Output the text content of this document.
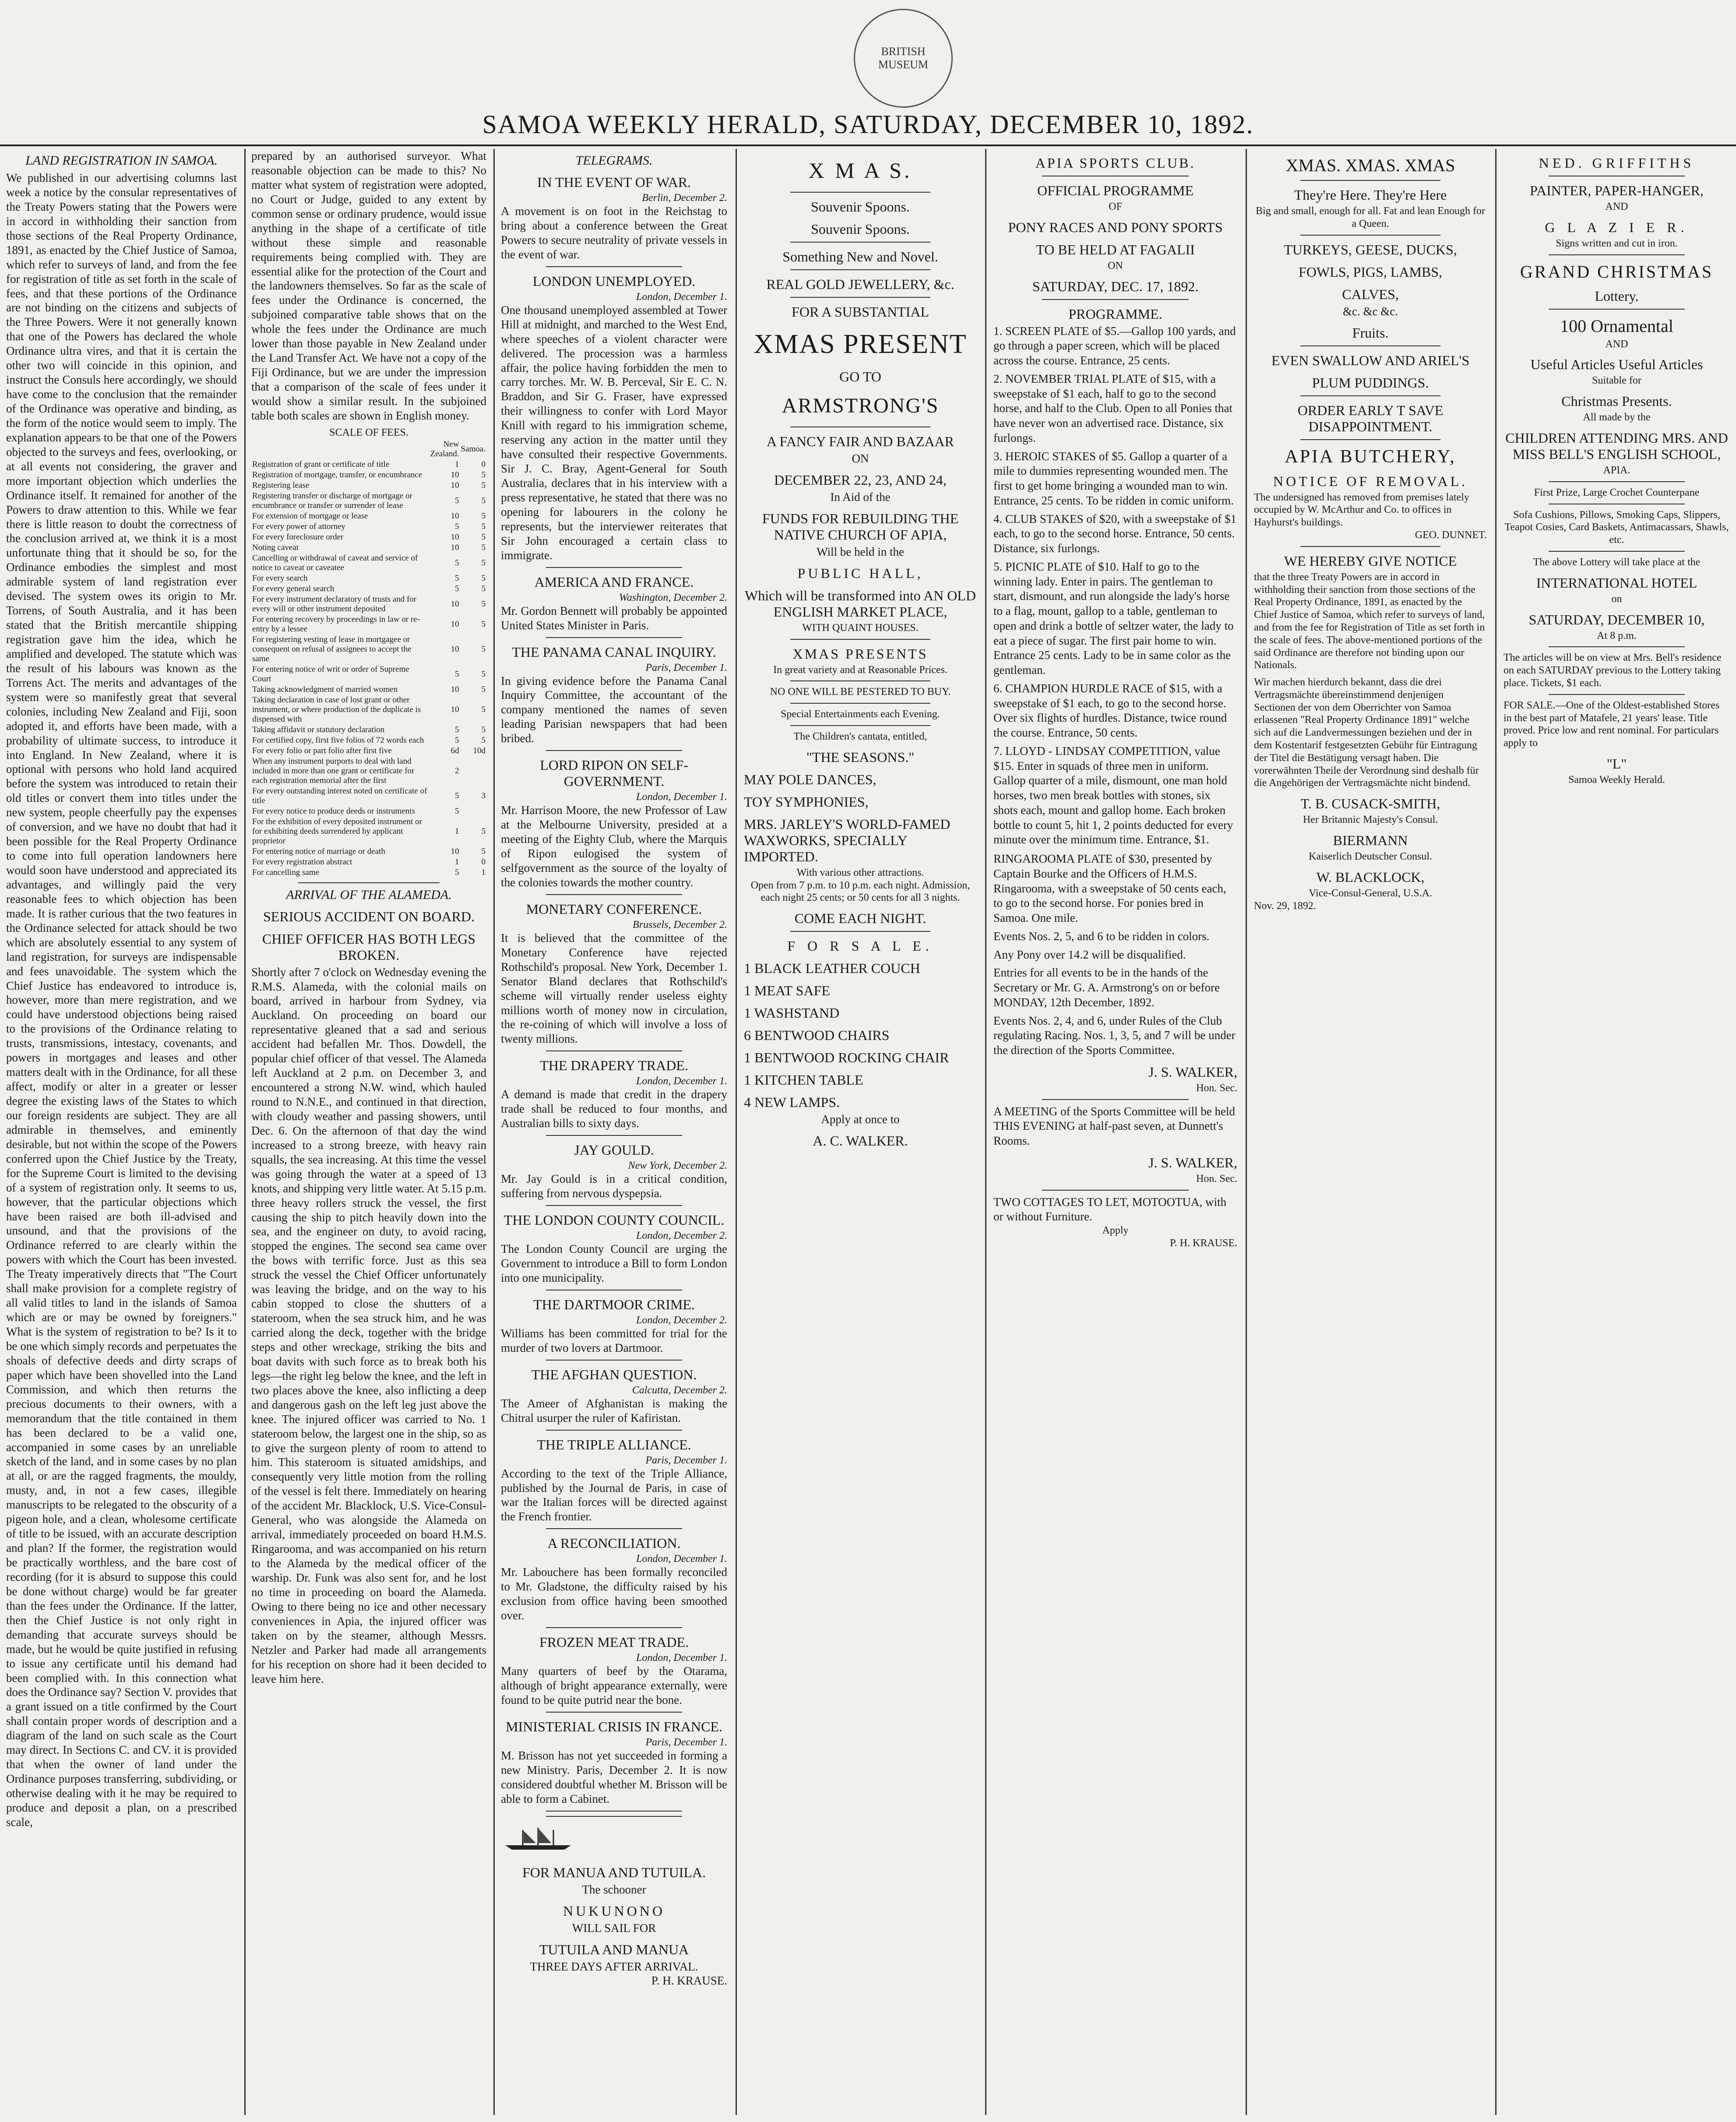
BRITISH MUSEUM
SAMOA WEEKLY HERALD, SATURDAY, DECEMBER 10, 1892.
LAND REGISTRATION IN SAMOA.
We published in our advertising columns last week a notice by the consular representatives of the Treaty Powers stating that the Powers were in accord in withholding their sanction from those sections of the Real Property Ordinance, 1891, as enacted by the Chief Justice of Samoa, which refer to surveys of land, and from the fee for registration of title as set forth in the scale of fees, and that these portions of the Ordinance are not binding on the citizens and subjects of the Three Powers. Were it not generally known that one of the Powers has declared the whole Ordinance ultra vires, and that it is certain the other two will coincide in this opinion, and instruct the Consuls here accordingly, we should have come to the conclusion that the remainder of the Ordinance was operative and binding, as the form of the notice would seem to imply. The explanation appears to be that one of the Powers objected to the surveys and fees, overlooking, or at all events not considering, the graver and more important objection which underlies the Ordinance itself. It remained for another of the Powers to draw attention to this. While we fear there is little reason to doubt the correctness of the conclusion arrived at, we think it is a most unfortunate thing that it should be so, for the Ordinance embodies the simplest and most admirable system of land registration ever devised. The system owes its origin to Mr. Torrens, of South Australia, and it has been stated that the British mercantile shipping registration gave him the idea, which he amplified and developed. The statute which was the result of his labours was known as the Torrens Act. The merits and advantages of the system were so manifestly great that several colonies, including New Zealand and Fiji, soon adopted it, and efforts have been made, with a probability of ultimate success, to introduce it into England. In New Zealand, where it is optional with persons who hold land acquired before the system was introduced to retain their old titles or convert them into titles under the new system, people cheerfully pay the expenses of conversion, and we have no doubt that had it been possible for the Real Property Ordinance to come into full operation landowners here would soon have understood and appreciated its advantages, and willingly paid the very reasonable fees to which objection has been made. It is rather curious that the two features in the Ordinance selected for attack should be two which are absolutely essential to any system of land registration, for surveys are indispensable and fees unavoidable. The system which the Chief Justice has endeavored to introduce is, however, more than mere registration, and we could have understood objections being raised to the provisions of the Ordinance relating to trusts, transmissions, intestacy, covenants, and powers in mortgages and leases and other matters dealt with in the Ordinance, for all these affect, modify or alter in a greater or lesser degree the existing laws of the States to which our foreign residents are subject. They are all admirable in themselves, and eminently desirable, but not within the scope of the Powers conferred upon the Chief Justice by the Treaty, for the Supreme Court is limited to the devising of a system of registration only. It seems to us, however, that the particular objections which have been raised are both ill-advised and unsound, and that the provisions of the Ordinance referred to are clearly within the powers with which the Court has been invested. The Treaty imperatively directs that "The Court shall make provision for a complete registry of all valid titles to land in the islands of Samoa which are or may be owned by foreigners." What is the system of registration to be? Is it to be one which simply records and perpetuates the shoals of defective deeds and dirty scraps of paper which have been shovelled into the Land Commission, and which then returns the precious documents to their owners, with a memorandum that the title contained in them has been declared to be a valid one, accompanied in some cases by an unreliable sketch of the land, and in some cases by no plan at all, or are the ragged fragments, the mouldy, musty, and, in not a few cases, illegible manuscripts to be relegated to the obscurity of a pigeon hole, and a clean, wholesome certificate of title to be issued, with an accurate description and plan? If the former, the registration would be practically worthless, and the bare cost of recording (for it is absurd to suppose this could be done without charge) would be far greater than the fees under the Ordinance. If the latter, then the Chief Justice is not only right in demanding that accurate surveys should be made, but he would be quite justified in refusing to issue any certificate until his demand had been complied with. In this connection what does the Ordinance say? Section V. provides that a grant issued on a title confirmed by the Court shall contain proper words of description and a diagram of the land on such scale as the Court may direct. In Sections C. and CV. it is provided that when the owner of land under the Ordinance purposes transferring, subdividing, or otherwise dealing with it he may be required to produce and deposit a plan, on a prescribed scale,
prepared by an authorised surveyor. What reasonable objection can be made to this? No matter what system of registration were adopted, no Court or Judge, guided to any extent by common sense or ordinary prudence, would issue anything in the shape of a certificate of title without these simple and reasonable requirements being complied with. They are essential alike for the protection of the Court and the landowners themselves. So far as the scale of fees under the Ordinance is concerned, the subjoined comparative table shows that on the whole the fees under the Ordinance are much lower than those payable in New Zealand under the Land Transfer Act. We have not a copy of the Fiji Ordinance, but we are under the impression that a comparison of the scale of fees under it would show a similar result. In the subjoined table both scales are shown in English money.
SCALE OF FEES.
	New Zealand.	Samoa.
Registration of grant or certificate of title	1	0
Registration of mortgage, transfer, or encumbrance	10	5
Registering lease	10	5
Registering transfer or discharge of mortgage or encumbrance or transfer or surrender of lease	5	5
For extension of mortgage or lease	10	5
For every power of attorney	5	5
For every foreclosure order	10	5
Noting caveat	10	5
Cancelling or withdrawal of caveat and service of notice to caveat or caveatee	5	5
For every search	5	5
For every general search	5	5
For every instrument declaratory of trusts and for every will or other instrument deposited	10	5
For entering recovery by proceedings in law or re-entry by a lessee	10	5
For registering vesting of lease in mortgagee or consequent on refusal of assignees to accept the same	10	5
For entering notice of writ or order of Supreme Court	5	5
Taking acknowledgment of married women	10	5
Taking declaration in case of lost grant or other instrument, or where production of the duplicate is dispensed with	10	5
Taking affidavit or statutory declaration	5	5
For certified copy, first five folios of 72 words each	5	5
For every folio or part folio after first five	6d	10d
When any instrument purports to deal with land included in more than one grant or certificate for each registration memorial after the first	2	
For every outstanding interest noted on certificate of title	5	3
For every notice to produce deeds or instruments	5	
For the exhibition of every deposited instrument or for exhibiting deeds surrendered by applicant proprietor	1	5
For entering notice of marriage or death	10	5
For every registration abstract	1	0
For cancelling same	5	1
ARRIVAL OF THE ALAMEDA.
SERIOUS ACCIDENT ON BOARD.
CHIEF OFFICER HAS BOTH LEGS BROKEN.
Shortly after 7 o'clock on Wednesday evening the R.M.S. Alameda, with the colonial mails on board, arrived in harbour from Sydney, via Auckland. On proceeding on board our representative gleaned that a sad and serious accident had befallen Mr. Thos. Dowdell, the popular chief officer of that vessel. The Alameda left Auckland at 2 p.m. on December 3, and encountered a strong N.W. wind, which hauled round to N.N.E., and continued in that direction, with cloudy weather and passing showers, until Dec. 6. On the afternoon of that day the wind increased to a strong breeze, with heavy rain squalls, the sea increasing. At this time the vessel was going through the water at a speed of 13 knots, and shipping very little water. At 5.15 p.m. three heavy rollers struck the vessel, the first causing the ship to pitch heavily down into the sea, and the engineer on duty, to avoid racing, stopped the engines. The second sea came over the bows with terrific force. Just as this sea struck the vessel the Chief Officer unfortunately was leaving the bridge, and on the way to his cabin stopped to close the shutters of a stateroom, when the sea struck him, and he was carried along the deck, together with the bridge steps and other wreckage, striking the bits and boat davits with such force as to break both his legs—the right leg below the knee, and the left in two places above the knee, also inflicting a deep and dangerous gash on the left leg just above the knee. The injured officer was carried to No. 1 stateroom below, the largest one in the ship, so as to give the surgeon plenty of room to attend to him. This stateroom is situated amidships, and consequently very little motion from the rolling of the vessel is felt there. Immediately on hearing of the accident Mr. Blacklock, U.S. Vice-Consul-General, who was alongside the Alameda on arrival, immediately proceeded on board H.M.S. Ringarooma, and was accompanied on his return to the Alameda by the medical officer of the warship. Dr. Funk was also sent for, and he lost no time in proceeding on board the Alameda. Owing to there being no ice and other necessary conveniences in Apia, the injured officer was taken on by the steamer, although Messrs. Netzler and Parker had made all arrangements for his reception on shore had it been decided to leave him here.
TELEGRAMS.
IN THE EVENT OF WAR.
Berlin, December 2.
A movement is on foot in the Reichstag to bring about a conference between the Great Powers to secure neutrality of private vessels in the event of war.
LONDON UNEMPLOYED.
London, December 1.
One thousand unemployed assembled at Tower Hill at midnight, and marched to the West End, where speeches of a violent character were delivered. The procession was a harmless affair, the police having forbidden the men to carry torches. Mr. W. B. Perceval, Sir E. C. N. Braddon, and Sir G. Fraser, have expressed their willingness to confer with Lord Mayor Knill with regard to his immigration scheme, reserving any action in the matter until they have consulted their respective Governments. Sir J. C. Bray, Agent-General for South Australia, declares that in his interview with a press representative, he stated that there was no opening for labourers in the colony he represents, but the interviewer reiterates that Sir John encouraged a certain class to immigrate.
AMERICA AND FRANCE.
Washington, December 2.
Mr. Gordon Bennett will probably be appointed United States Minister in Paris.
THE PANAMA CANAL INQUIRY.
Paris, December 1.
In giving evidence before the Panama Canal Inquiry Committee, the accountant of the company mentioned the names of seven leading Parisian newspapers that had been bribed.
LORD RIPON ON SELF-GOVERNMENT.
London, December 1.
Mr. Harrison Moore, the new Professor of Law at the Melbourne University, presided at a meeting of the Eighty Club, where the Marquis of Ripon eulogised the system of selfgovernment as the source of the loyalty of the colonies towards the mother country.
MONETARY CONFERENCE.
Brussels, December 2.
It is believed that the committee of the Monetary Conference have rejected Rothschild's proposal. New York, December 1. Senator Bland declares that Rothschild's scheme will virtually render useless eighty millions worth of money now in circulation, the re-coining of which will involve a loss of twenty millions.
THE DRAPERY TRADE.
London, December 1.
A demand is made that credit in the drapery trade shall be reduced to four months, and Australian bills to sixty days.
JAY GOULD.
New York, December 2.
Mr. Jay Gould is in a critical condition, suffering from nervous dyspepsia.
THE LONDON COUNTY COUNCIL.
London, December 2.
The London County Council are urging the Government to introduce a Bill to form London into one municipality.
THE DARTMOOR CRIME.
London, December 2.
Williams has been committed for trial for the murder of two lovers at Dartmoor.
THE AFGHAN QUESTION.
Calcutta, December 2.
The Ameer of Afghanistan is making the Chitral usurper the ruler of Kafiristan.
THE TRIPLE ALLIANCE.
Paris, December 1.
According to the text of the Triple Alliance, published by the Journal de Paris, in case of war the Italian forces will be directed against the French frontier.
A RECONCILIATION.
London, December 1.
Mr. Labouchere has been formally reconciled to Mr. Gladstone, the difficulty raised by his exclusion from office having been smoothed over.
FROZEN MEAT TRADE.
London, December 1.
Many quarters of beef by the Otarama, although of bright appearance externally, were found to be quite putrid near the bone.
MINISTERIAL CRISIS IN FRANCE.
Paris, December 1.
M. Brisson has not yet succeeded in forming a new Ministry. Paris, December 2. It is now considered doubtful whether M. Brisson will be able to form a Cabinet.
FOR MANUA AND TUTUILA.
The schooner
NUKUNONO
WILL SAIL FOR
TUTUILA AND MANUA
THREE DAYS AFTER ARRIVAL.
P. H. KRAUSE.
X M A S.
Souvenir Spoons.
Souvenir Spoons.
Something New and Novel.
REAL GOLD JEWELLERY, &c.
FOR A SUBSTANTIAL
XMAS PRESENT
GO TO
ARMSTRONG'S
A FANCY FAIR AND BAZAAR
ON
DECEMBER 22, 23, AND 24,
In Aid of the
FUNDS FOR REBUILDING THE NATIVE CHURCH OF APIA,
Will be held in the
PUBLIC HALL,
Which will be transformed into AN OLD ENGLISH MARKET PLACE,
WITH QUAINT HOUSES.
XMAS PRESENTS
In great variety and at Reasonable Prices.
NO ONE WILL BE PESTERED TO BUY.
Special Entertainments each Evening.
The Children's cantata, entitled,
"THE SEASONS."
MAY POLE DANCES,
TOY SYMPHONIES,
MRS. JARLEY'S WORLD-FAMED WAXWORKS, SPECIALLY IMPORTED.
With various other attractions.
Open from 7 p.m. to 10 p.m. each night. Admission, each night 25 cents; or 50 cents for all 3 nights.
COME EACH NIGHT.
F O R S A L E.
1 BLACK LEATHER COUCH
1 MEAT SAFE
1 WASHSTAND
6 BENTWOOD CHAIRS
1 BENTWOOD ROCKING CHAIR
1 KITCHEN TABLE
4 NEW LAMPS.
Apply at once to
A. C. WALKER.
APIA SPORTS CLUB.
OFFICIAL PROGRAMME
OF
PONY RACES AND PONY SPORTS
TO BE HELD AT FAGALII
ON
SATURDAY, DEC. 17, 1892.
PROGRAMME.
1. SCREEN PLATE of $5.—Gallop 100 yards, and go through a paper screen, which will be placed across the course. Entrance, 25 cents.
2. NOVEMBER TRIAL PLATE of $15, with a sweepstake of $1 each, half to go to the second horse, and half to the Club. Open to all Ponies that have never won an advertised race. Distance, six furlongs.
3. HEROIC STAKES of $5. Gallop a quarter of a mile to dummies representing wounded men. The first to get home bringing a wounded man to win. Entrance, 25 cents. To be ridden in comic uniform.
4. CLUB STAKES of $20, with a sweepstake of $1 each, to go to the second horse. Entrance, 50 cents. Distance, six furlongs.
5. PICNIC PLATE of $10. Half to go to the winning lady. Enter in pairs. The gentleman to start, dismount, and run alongside the lady's horse to a flag, mount, gallop to a table, gentleman to open and drink a bottle of seltzer water, the lady to eat a piece of sugar. The first pair home to win. Entrance 25 cents. Lady to be in same color as the gentleman.
6. CHAMPION HURDLE RACE of $15, with a sweepstake of $1 each, to go to the second horse. Over six flights of hurdles. Distance, twice round the course. Entrance, 50 cents.
7. LLOYD - LINDSAY COMPETITION, value $15. Enter in squads of three men in uniform. Gallop quarter of a mile, dismount, one man hold horses, two men break bottles with stones, six shots each, mount and gallop home. Each broken bottle to count 5, hit 1, 2 points deducted for every minute over the minimum time. Entrance, $1.
RINGAROOMA PLATE of $30, presented by Captain Bourke and the Officers of H.M.S. Ringarooma, with a sweepstake of 50 cents each, to go to the second horse. For ponies bred in Samoa. One mile.
Events Nos. 2, 5, and 6 to be ridden in colors.
Any Pony over 14.2 will be disqualified.
Entries for all events to be in the hands of the Secretary or Mr. G. A. Armstrong's on or before MONDAY, 12th December, 1892.
Events Nos. 2, 4, and 6, under Rules of the Club regulating Racing. Nos. 1, 3, 5, and 7 will be under the direction of the Sports Committee.
J. S. WALKER,
Hon. Sec.
A MEETING of the Sports Committee will be held THIS EVENING at half-past seven, at Dunnett's Rooms.
J. S. WALKER,
Hon. Sec.
TWO COTTAGES TO LET, MOTOOTUA, with or without Furniture.
Apply
P. H. KRAUSE.
XMAS. XMAS. XMAS
They're Here. They're Here
Big and small, enough for all. Fat and lean Enough for a Queen.
TURKEYS, GEESE, DUCKS,
FOWLS, PIGS, LAMBS,
CALVES,
&c. &c &c.
Fruits.
EVEN SWALLOW AND ARIEL'S
PLUM PUDDINGS.
ORDER EARLY T SAVE DISAPPOINTMENT.
APIA BUTCHERY,
NOTICE OF REMOVAL.
The undersigned has removed from premises lately occupied by W. McArthur and Co. to offices in Hayhurst's buildings.
GEO. DUNNET.
WE HEREBY GIVE NOTICE
that the three Treaty Powers are in accord in withholding their sanction from those sections of the Real Property Ordinance, 1891, as enacted by the Chief Justice of Samoa, which refer to surveys of land, and from the fee for Registration of Title as set forth in the scale of fees. The above-mentioned portions of the said Ordinance are therefore not binding upon our Nationals.
Wir machen hierdurch bekannt, dass die drei Vertragsmächte übereinstimmend denjenigen Sectionen der von dem Oberrichter von Samoa erlassenen "Real Property Ordinance 1891" welche sich auf die Landvermessungen beziehen und der in dem Kostentarif festgesetzten Gebühr für Eintragung der Titel die Bestätigung versagt haben. Die vorerwähnten Theile der Verordnung sind deshalb für die Angehörigen der Vertragsmächte nicht bindend.
T. B. CUSACK-SMITH,
Her Britannic Majesty's Consul.
BIERMANN
Kaiserlich Deutscher Consul.
W. BLACKLOCK,
Vice-Consul-General, U.S.A.
Nov. 29, 1892.
NED. GRIFFITHS
PAINTER, PAPER-HANGER,
AND
G L A Z I E R.
Signs written and cut in iron.
GRAND CHRISTMAS
Lottery.
100 Ornamental
AND
Useful Articles Useful Articles
Suitable for
Christmas Presents.
All made by the
CHILDREN ATTENDING MRS. AND MISS BELL'S ENGLISH SCHOOL,
APIA.
First Prize, Large Crochet Counterpane
Sofa Cushions, Pillows, Smoking Caps, Slippers, Teapot Cosies, Card Baskets, Antimacassars, Shawls, etc.
The above Lottery will take place at the
INTERNATIONAL HOTEL
on
SATURDAY, DECEMBER 10,
At 8 p.m.
The articles will be on view at Mrs. Bell's residence on each SATURDAY previous to the Lottery taking place. Tickets, $1 each.
FOR SALE.—One of the Oldest-established Stores in the best part of Matafele, 21 years' lease. Title proved. Price low and rent nominal. For particulars apply to
"L"
Samoa Weekly Herald.
